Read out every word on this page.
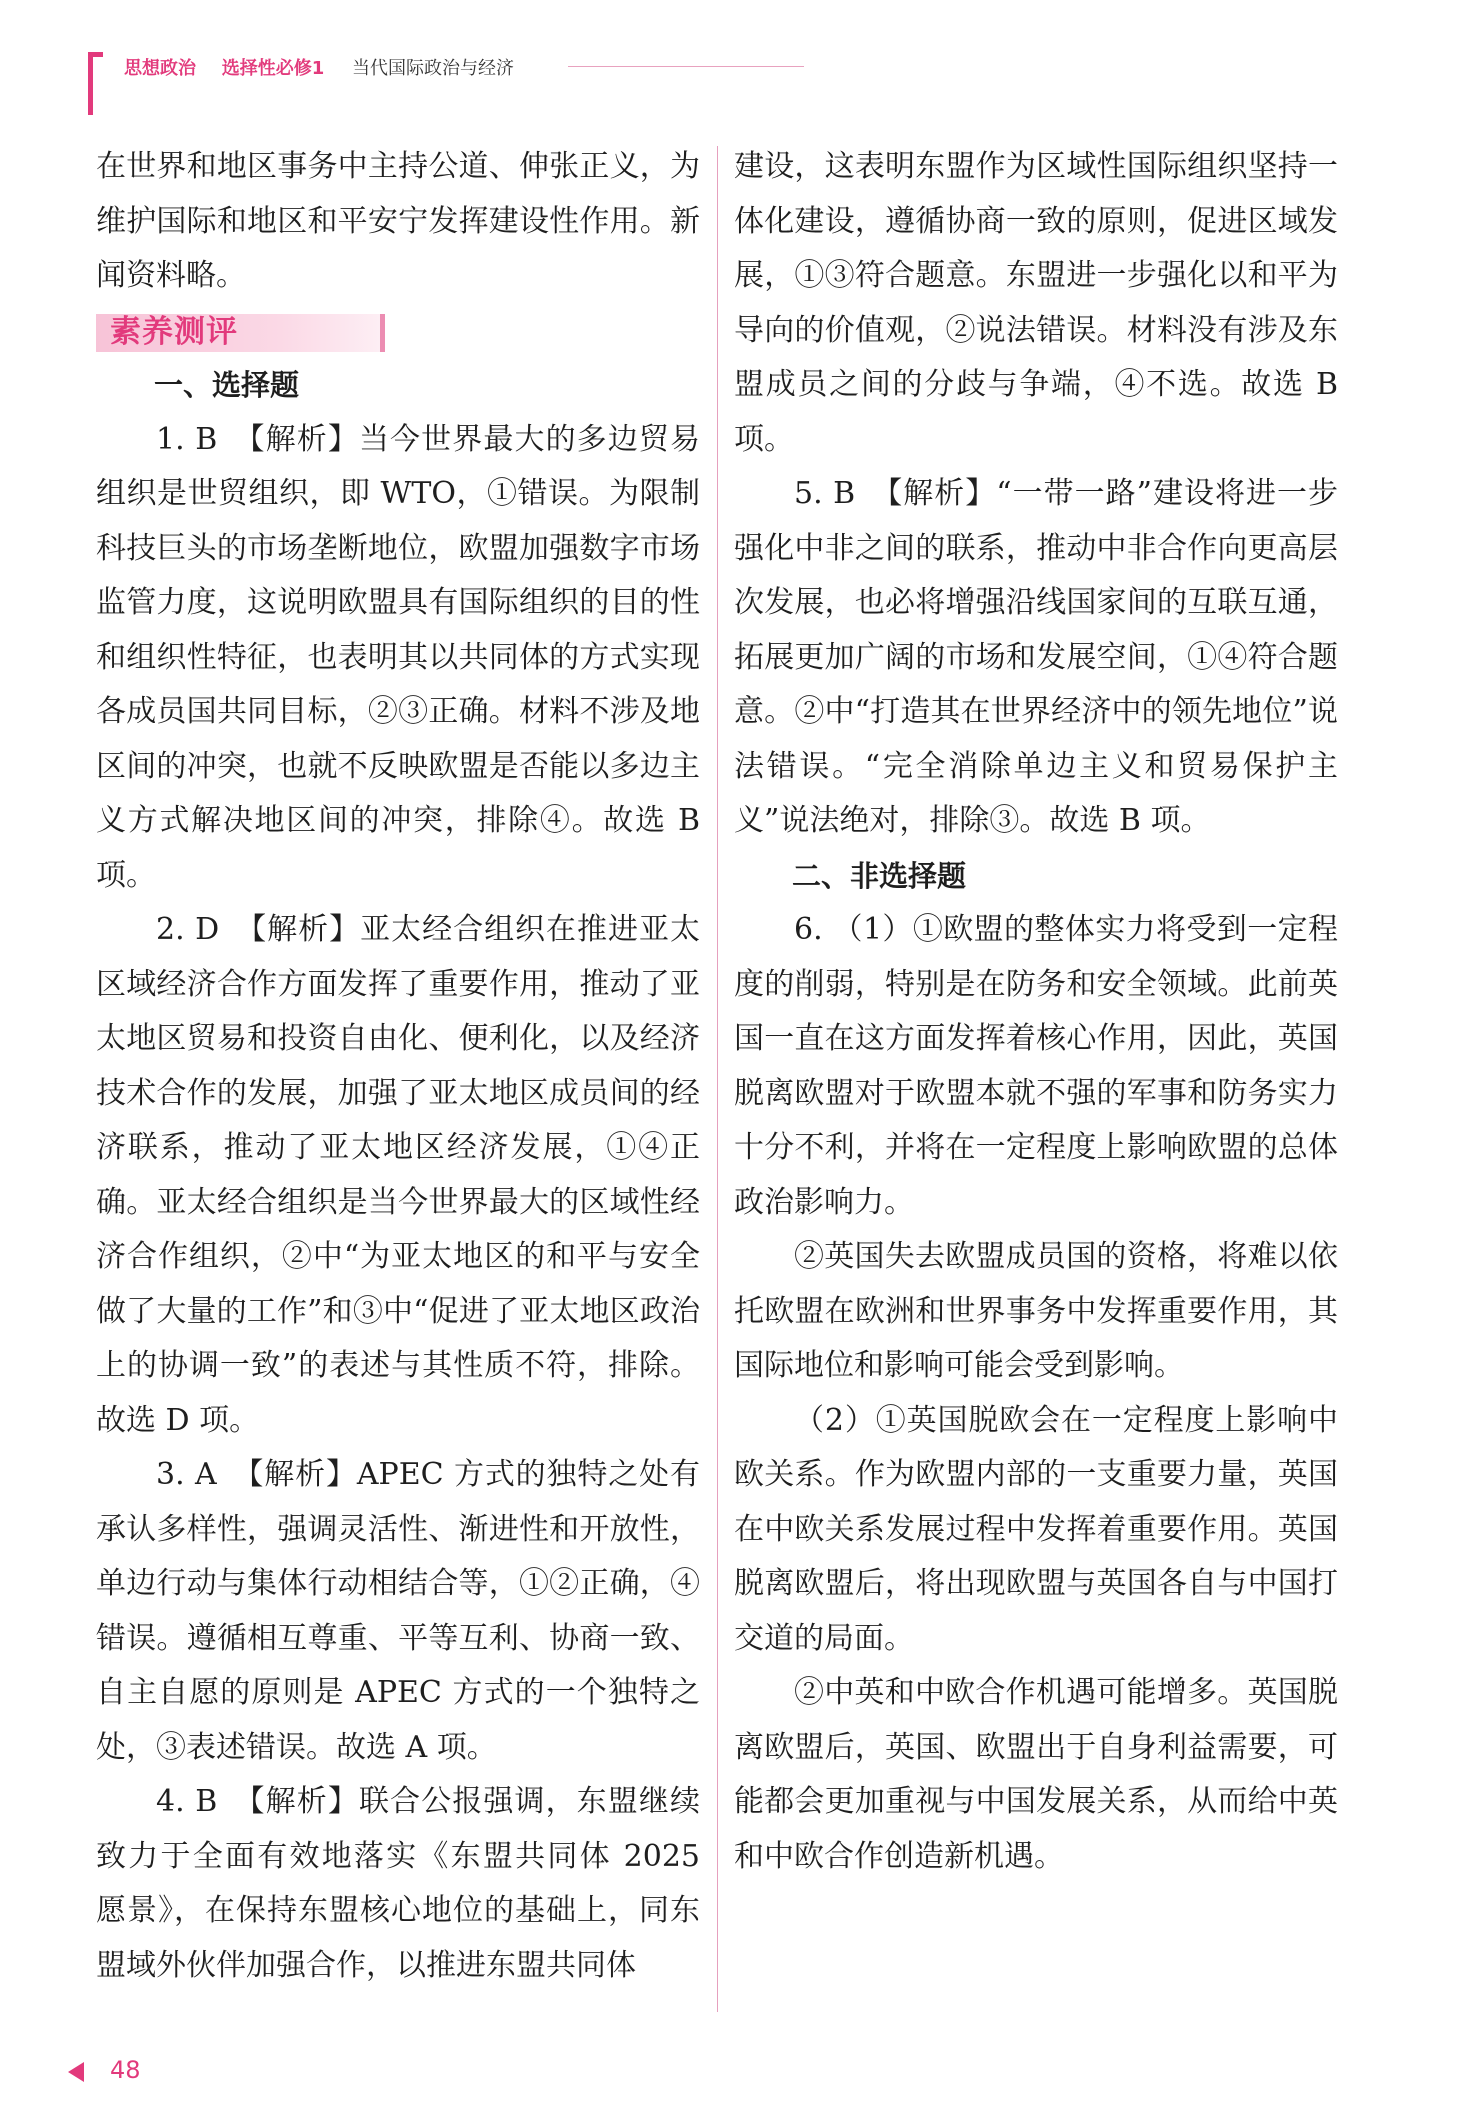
思想政治 选择性必修1 当代国际政治与经济

在世界和地区事务中主持公道、伸张正义，为维护国际和地区和平安宁发挥建设性作用。新闻资料略。

素养测评

一、选择题

1. B　【解析】当今世界最大的多边贸易组织是世贸组织，即 WTO，①错误。为限制科技巨头的市场垄断地位，欧盟加强数字市场监管力度，这说明欧盟具有国际组织的目的性和组织性特征，也表明其以共同体的方式实现各成员国共同目标，②③正确。材料不涉及地区间的冲突，也就不反映欧盟是否能以多边主义方式解决地区间的冲突，排除④。故选 B 项。

2. D　【解析】亚太经合组织在推进亚太区域经济合作方面发挥了重要作用，推动了亚太地区贸易和投资自由化、便利化，以及经济技术合作的发展，加强了亚太地区成员间的经济联系，推动了亚太地区经济发展，①④正确。亚太经合组织是当今世界最大的区域性经济合作组织，②中“为亚太地区的和平与安全做了大量的工作”和③中“促进了亚太地区政治上的协调一致”的表述与其性质不符，排除。故选 D 项。

3. A　【解析】APEC 方式的独特之处有承认多样性，强调灵活性、渐进性和开放性，单边行动与集体行动相结合等，①②正确，④错误。遵循相互尊重、平等互利、协商一致、自主自愿的原则是 APEC 方式的一个独特之处，③表述错误。故选 A 项。

4. B　【解析】联合公报强调，东盟继续致力于全面有效地落实《东盟共同体 2025 愿景》，在保持东盟核心地位的基础上，同东盟域外伙伴加强合作，以推进东盟共同体

建设，这表明东盟作为区域性国际组织坚持一体化建设，遵循协商一致的原则，促进区域发展，①③符合题意。东盟进一步强化以和平为导向的价值观，②说法错误。材料没有涉及东盟成员之间的分歧与争端，④不选。故选 B 项。

5. B　【解析】“一带一路”建设将进一步强化中非之间的联系，推动中非合作向更高层次发展，也必将增强沿线国家间的互联互通，拓展更加广阔的市场和发展空间，①④符合题意。②中“打造其在世界经济中的领先地位”说法错误。“完全消除单边主义和贸易保护主义”说法绝对，排除③。故选 B 项。

二、非选择题

6. （1）①欧盟的整体实力将受到一定程度的削弱，特别是在防务和安全领域。此前英国一直在这方面发挥着核心作用，因此，英国脱离欧盟对于欧盟本就不强的军事和防务实力十分不利，并将在一定程度上影响欧盟的总体政治影响力。

②英国失去欧盟成员国的资格，将难以依托欧盟在欧洲和世界事务中发挥重要作用，其国际地位和影响可能会受到影响。

（2）①英国脱欧会在一定程度上影响中欧关系。作为欧盟内部的一支重要力量，英国在中欧关系发展过程中发挥着重要作用。英国脱离欧盟后，将出现欧盟与英国各自与中国打交道的局面。

②中英和中欧合作机遇可能增多。英国脱离欧盟后，英国、欧盟出于自身利益需要，可能都会更加重视与中国发展关系，从而给中英和中欧合作创造新机遇。

48
